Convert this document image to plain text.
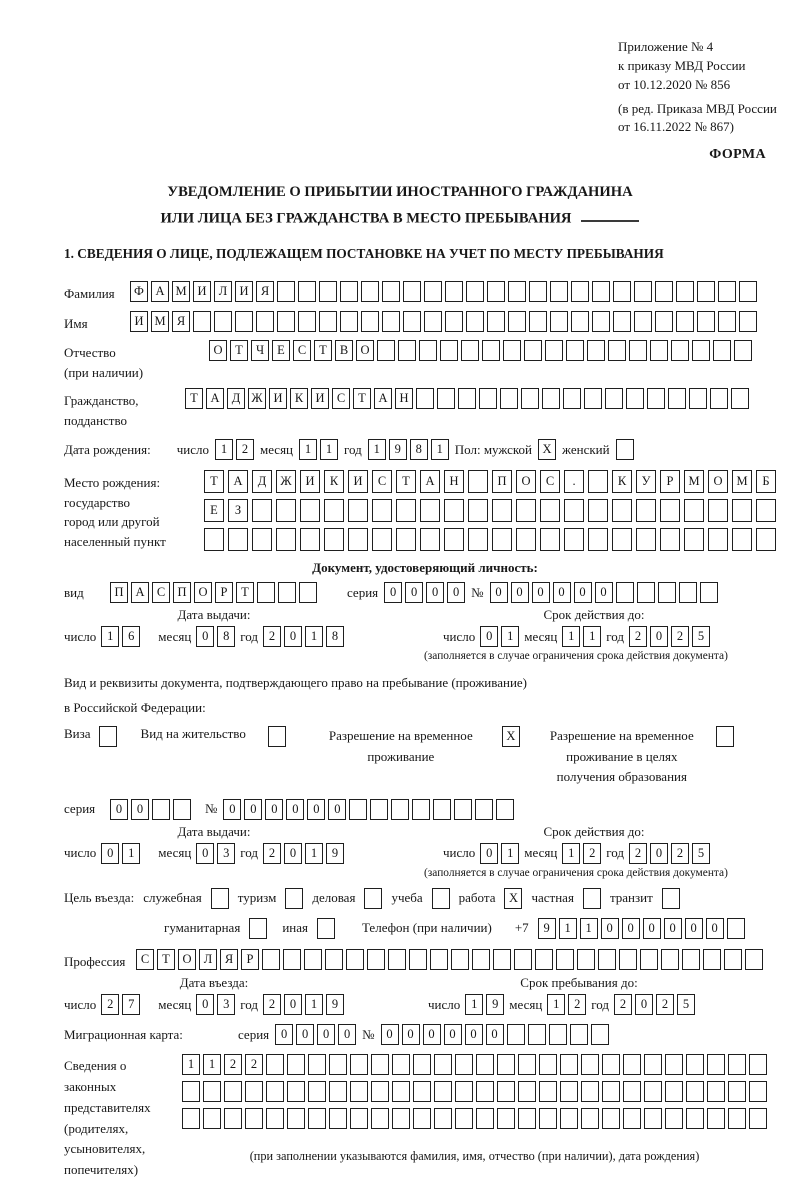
Приложение № 4
к приказу МВД России
от 10.12.2020 № 856
(в ред. Приказа МВД России
от 16.11.2022 № 867)
ФОРМА
УВЕДОМЛЕНИЕ О ПРИБЫТИИ ИНОСТРАННОГО ГРАЖДАНИНА
ИЛИ ЛИЦА БЕЗ ГРАЖДАНСТВА В МЕСТО ПРЕБЫВАНИЯ
1. СВЕДЕНИЯ О ЛИЦЕ, ПОДЛЕЖАЩЕМ ПОСТАНОВКЕ НА УЧЕТ ПО МЕСТУ ПРЕБЫВАНИЯ
Фамилия	Ф А М И Л И Я
Имя	И М Я
Отчество
(при наличии)
О	Т	Ч	Е	С	Т	В О
Гражданство,
подданство
Т	А Д Ж И К И С	Т	А Н
Дата рождения: число 1	2 месяц 1	1 год 1	9	8	1 Пол: мужской X женский
Место рождения:
государство
город или другой
населенный пункт
Т	А	Д	Ж	И	К	И	С	Т	А	Н	П	О	С	.	К	У	Р	М	О	М	Б

Е	З

Документ, удостоверяющий личность:
вид	П А С П О	Р	Т	серия 0	0	0	0 № 0	0	0	0	0	0
Дата выдачи:
число 1	6	месяц 0	8 год 2	0	1	8
Срок действия до:
число 0	1 месяц 1	1 год 2	0	2	5
(заполняется в случае ограничения срока действия документа)
Вид и реквизиты документа, подтверждающего право на пребывание (проживание)
в Российской Федерации:
Виза	Вид на жительство	Разрешение на временное
проживание
X	Разрешение на временное
проживание в целях
получения образования
серия	0	0	№ 0	0	0	0	0	0
Дата выдачи:
число 0	1	месяц 0	3 год 2	0	1	9
Срок действия до:
число 0	1 месяц 1	2 год 2	0	2	5
(заполняется в случае ограничения срока действия документа)
Цель въезда: служебная	туризм	деловая	учеба	работа	X	частная	транзит
гуманитарная	иная	Телефон (при наличии) +7	9	1	1	0	0	0	0	0	0
Профессия	С	Т	О Л	Я	Р
Дата въезда:
число 2	7	месяц 0	3 год 2	0	1	9
Срок пребывания до:
число 1	9 месяц 1	2 год 2	0	2	5
Миграционная карта:	серия 0	0	0	0 № 0	0	0	0	0	0
Сведения о
законных
представителях
(родителях,
усыновителях,
попечителях)
1	1	2	2

(при заполнении указываются фамилия, имя, отчество (при наличии), дата рождения)
